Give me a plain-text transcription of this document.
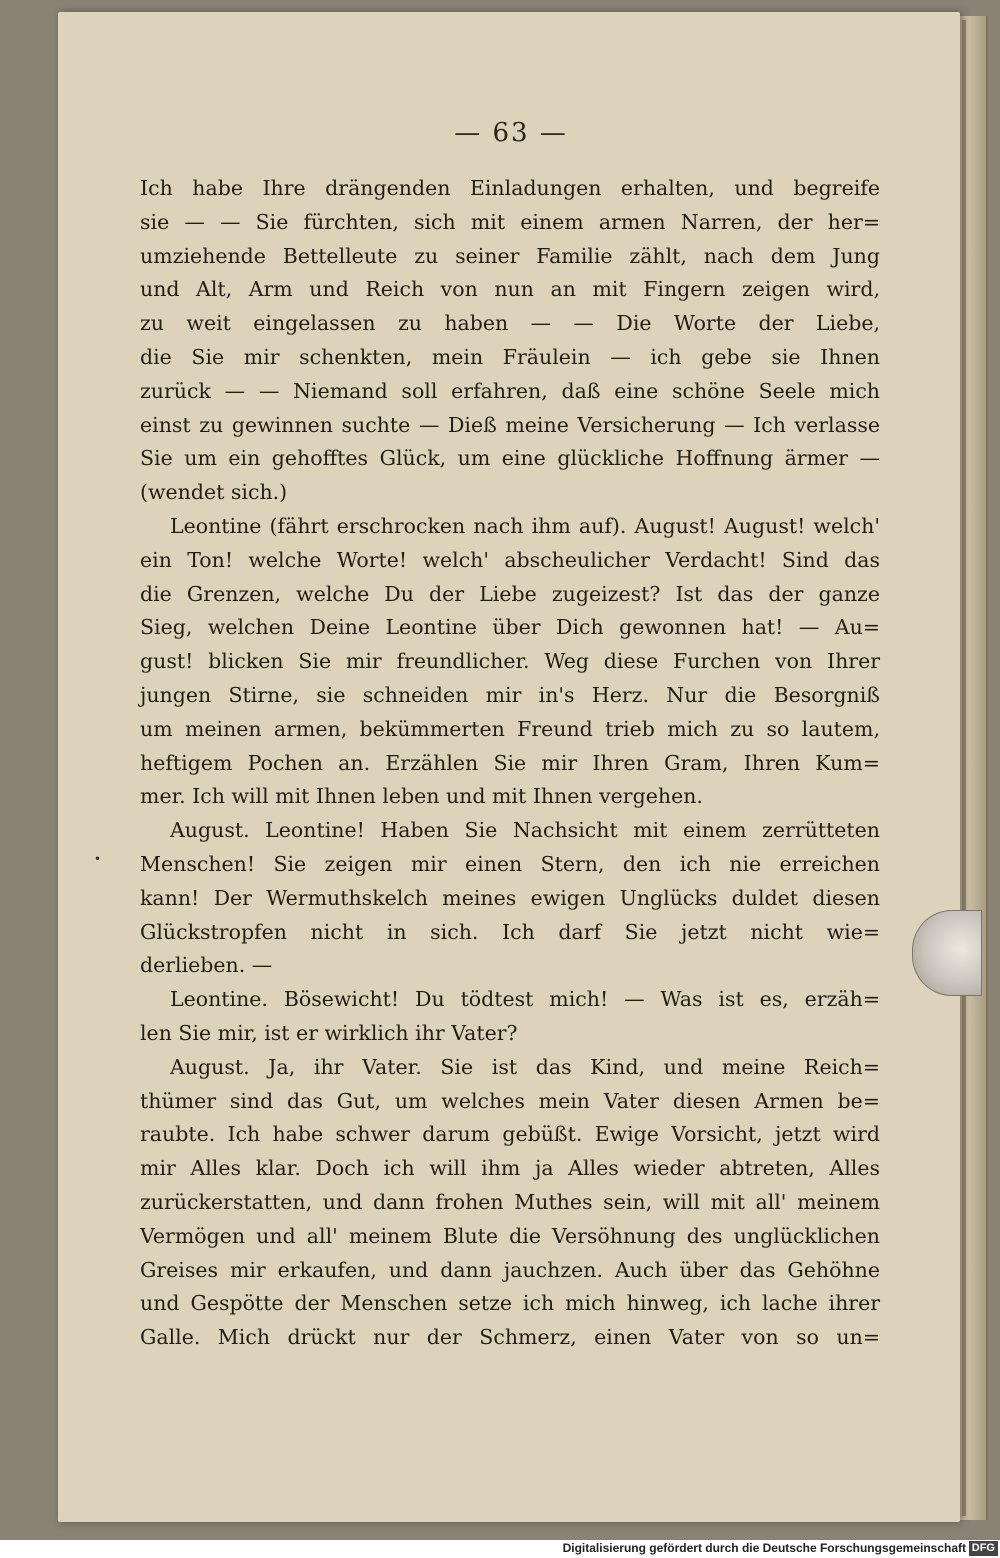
— 63 —
•
Ich habe Ihre drängenden Einladungen erhalten, und begreife
sie — — Sie fürchten, sich mit einem armen Narren, der her=
umziehende Bettelleute zu seiner Familie zählt, nach dem Jung
und Alt, Arm und Reich von nun an mit Fingern zeigen wird,
zu weit eingelassen zu haben — — Die Worte der Liebe,
die Sie mir schenkten, mein Fräulein — ich gebe sie Ihnen
zurück — — Niemand soll erfahren, daß eine schöne Seele mich
einst zu gewinnen suchte — Dieß meine Versicherung — Ich verlasse
Sie um ein gehofftes Glück, um eine glückliche Hoffnung ärmer —
(wendet sich.)
Leontine (fährt erschrocken nach ihm auf). August! August! welch'
ein Ton! welche Worte! welch' abscheulicher Verdacht! Sind das
die Grenzen, welche Du der Liebe zugeizest? Ist das der ganze
Sieg, welchen Deine Leontine über Dich gewonnen hat! — Au=
gust! blicken Sie mir freundlicher. Weg diese Furchen von Ihrer
jungen Stirne, sie schneiden mir in's Herz. Nur die Besorgniß
um meinen armen, bekümmerten Freund trieb mich zu so lautem,
heftigem Pochen an. Erzählen Sie mir Ihren Gram, Ihren Kum=
mer. Ich will mit Ihnen leben und mit Ihnen vergehen.
August. Leontine! Haben Sie Nachsicht mit einem zerrütteten
Menschen! Sie zeigen mir einen Stern, den ich nie erreichen
kann! Der Wermuthskelch meines ewigen Unglücks duldet diesen
Glückstropfen nicht in sich. Ich darf Sie jetzt nicht wie=
derlieben. —
Leontine. Bösewicht! Du tödtest mich! — Was ist es, erzäh=
len Sie mir, ist er wirklich ihr Vater?
August. Ja, ihr Vater. Sie ist das Kind, und meine Reich=
thümer sind das Gut, um welches mein Vater diesen Armen be=
raubte. Ich habe schwer darum gebüßt. Ewige Vorsicht, jetzt wird
mir Alles klar. Doch ich will ihm ja Alles wieder abtreten, Alles
zurückerstatten, und dann frohen Muthes sein, will mit all' meinem
Vermögen und all' meinem Blute die Versöhnung des unglücklichen
Greises mir erkaufen, und dann jauchzen. Auch über das Gehöhne
und Gespötte der Menschen setze ich mich hinweg, ich lache ihrer
Galle. Mich drückt nur der Schmerz, einen Vater von so un=
Digitalisierung gefördert durch die Deutsche Forschungsgemeinschaft DFG
